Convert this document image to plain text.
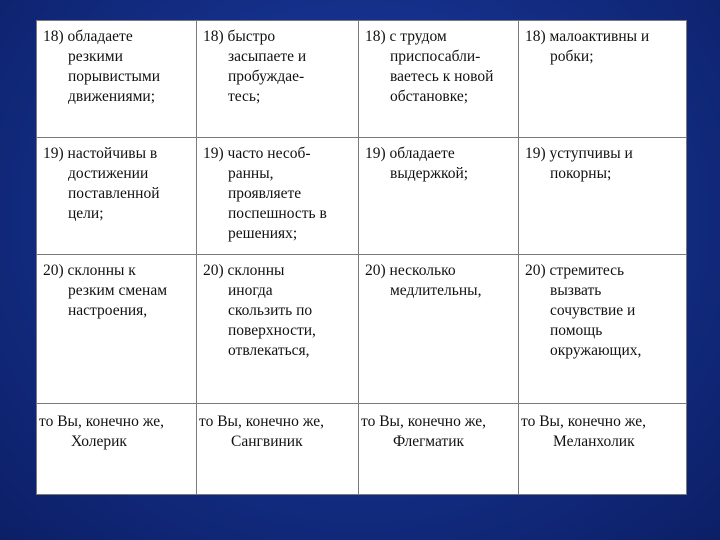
18) обладаете
резкими
порывистыми
движениями;	18) быстро
засыпаете и
пробуждае-
тесь;	18) с трудом
приспосабли-
ваетесь к новой
обстановке;	18) малоактивны и
робки;

19) настойчивы в
достижении
поставленной
цели;	19) часто несоб-
ранны,
проявляете
поспешность в
решениях;	19) обладаете
выдержкой;	19) уступчивы и
покорны;

20) склонны к
резким сменам
настроения,	20) склонны
иногда
скользить по
поверхности,
отвлекаться,	20) несколько
медлительны,	20) стремитесь
вызвать
сочувствие и
помощь
окружающих,

то Вы, конечно же,
Холерик	то Вы, конечно же,
Сангвиник	то Вы, конечно же,
Флегматик	то Вы, конечно же,
Меланхолик
